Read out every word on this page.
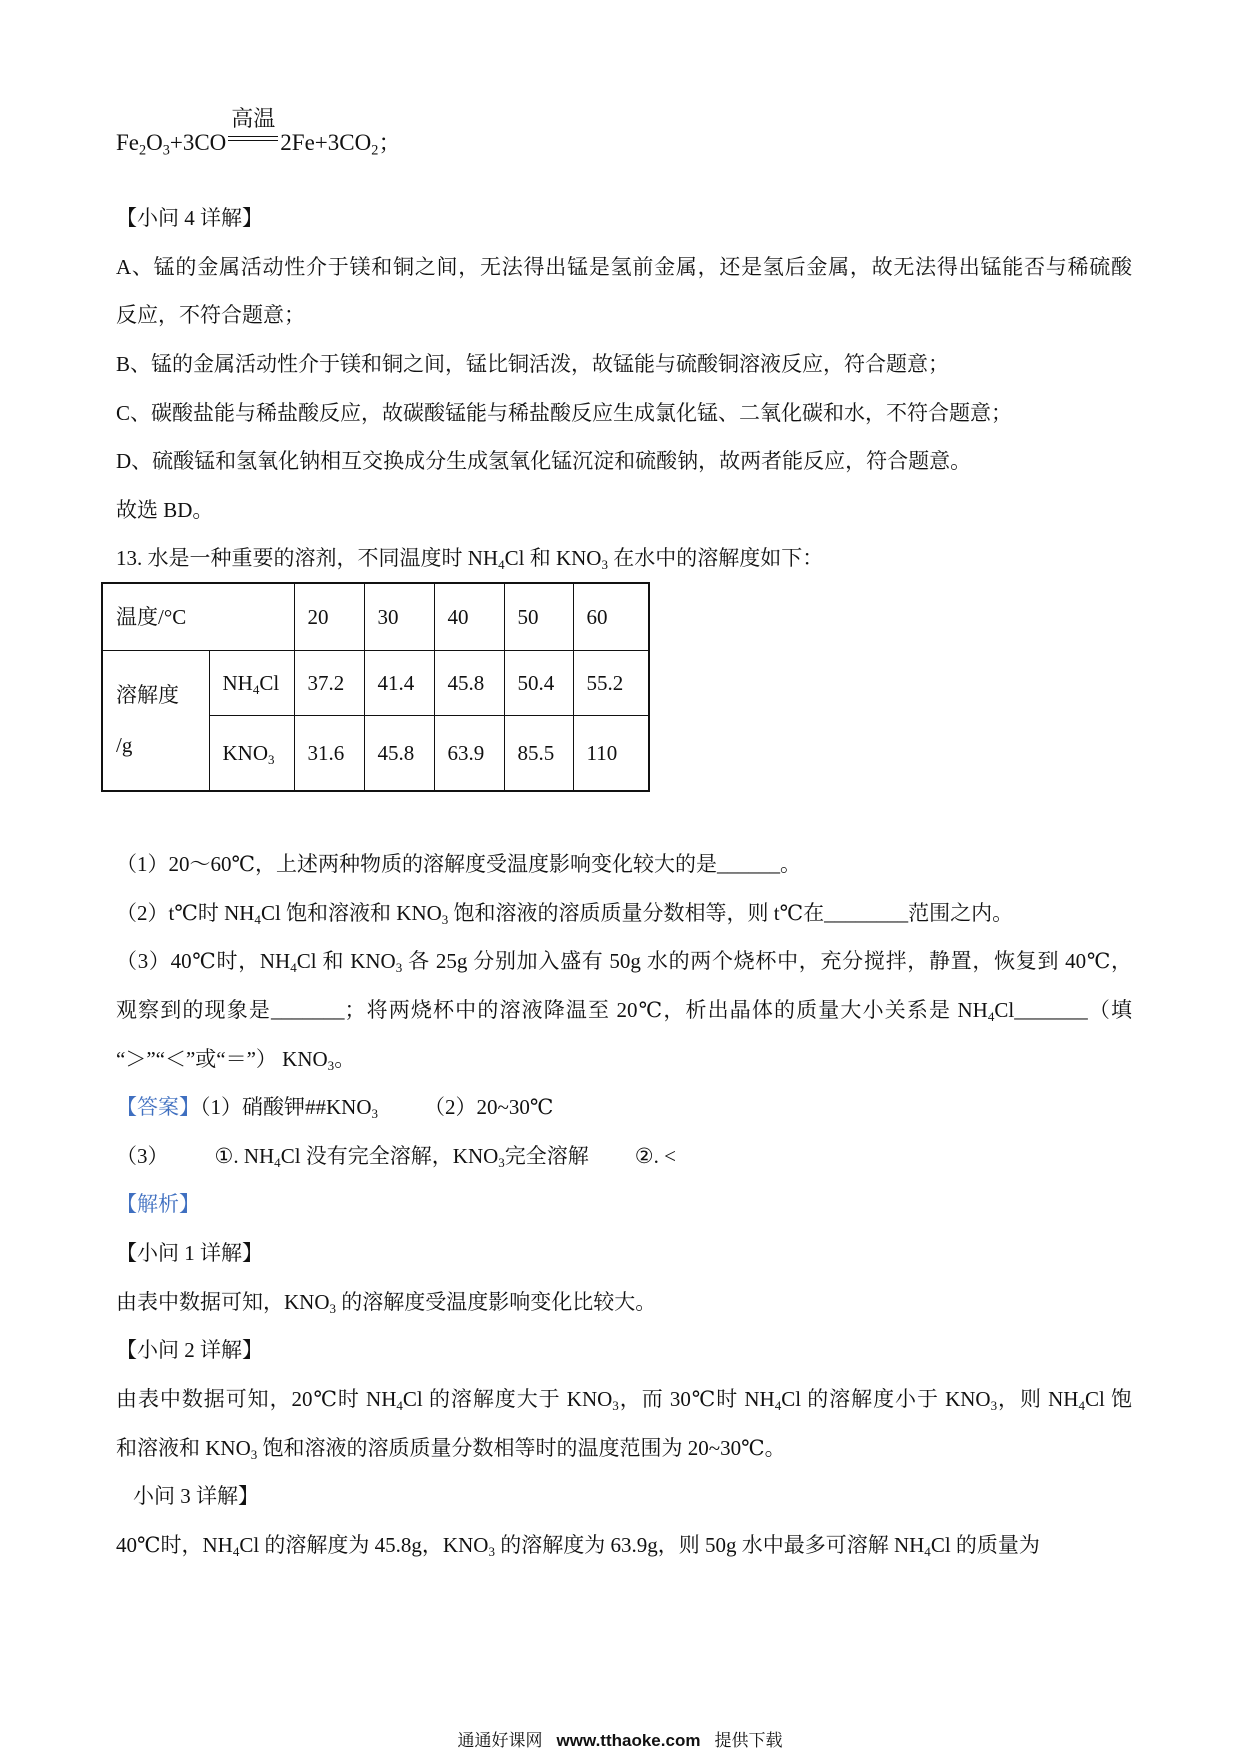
$Fe_2O_3+3CO$
高温
$2Fe+3CO_2$；
【小问 4 详解】
A、锰的金属活动性介于镁和铜之间，无法得出锰是氢前金属，还是氢后金属，故无法得出锰能否与稀硫酸
反应，不符合题意；
B、锰的金属活动性介于镁和铜之间，锰比铜活泼，故锰能与硫酸铜溶液反应，符合题意；
C、碳酸盐能与稀盐酸反应，故碳酸锰能与稀盐酸反应生成氯化锰、二氧化碳和水，不符合题意；
D、硫酸锰和氢氧化钠相互交换成分生成氢氧化锰沉淀和硫酸钠，故两者能反应，符合题意。
故选 BD。
13. 水是一种重要的溶剂，不同温度时 $NH_4Cl$ 和 $KNO_3$ 在水中的溶解度如下：
温度/°C		20	30	40	50	60

溶解度
/g	$NH_4Cl$	37.2	41.4	45.8	50.4	55.2
	$KNO_3$	31.6	45.8	63.9	85.5	110
（1）20～60℃，上述两种物质的溶解度受温度影响变化较大的是______。
（2）t℃时 $NH_4Cl$ 饱和溶液和 $KNO_3$ 饱和溶液的溶质质量分数相等，则 t℃在________范围之内。
（3）40℃时，$NH_4Cl$ 和 $KNO_3$ 各 25g 分别加入盛有 50g 水的两个烧杯中，充分搅拌，静置，恢复到 40℃，
观察到的现象是_______；将两烧杯中的溶液降温至 20℃，析出晶体的质量大小关系是 $NH_4Cl\_\_\_\_\_\_\_$（填
“＞”“＜”或“＝”） $KNO_3$。
【答案】（1）硝酸钾$\#\#KNO_3$ （2）20~30℃
（3） ①. $NH_4Cl$ 没有完全溶解，$KNO_3$完全溶解 ②. <
【解析】
【小问 1 详解】
由表中数据可知，$KNO_3$ 的溶解度受温度影响变化比较大。
【小问 2 详解】
由表中数据可知，20℃时 $NH_4Cl$ 的溶解度大于 $KNO_3$，而 30℃时 $NH_4Cl$ 的溶解度小于 $KNO_3$，则 $NH_4Cl$ 饱
和溶液和 $KNO_3$ 饱和溶液的溶质质量分数相等时的温度范围为 20~30℃。
小问 3 详解】
40℃时，$NH_4Cl$ 的溶解度为 45.8g，$KNO_3$ 的溶解度为 63.9g，则 50g 水中最多可溶解 $NH_4Cl$ 的质量为
通通好课网 www.tthaoke.com 提供下载
